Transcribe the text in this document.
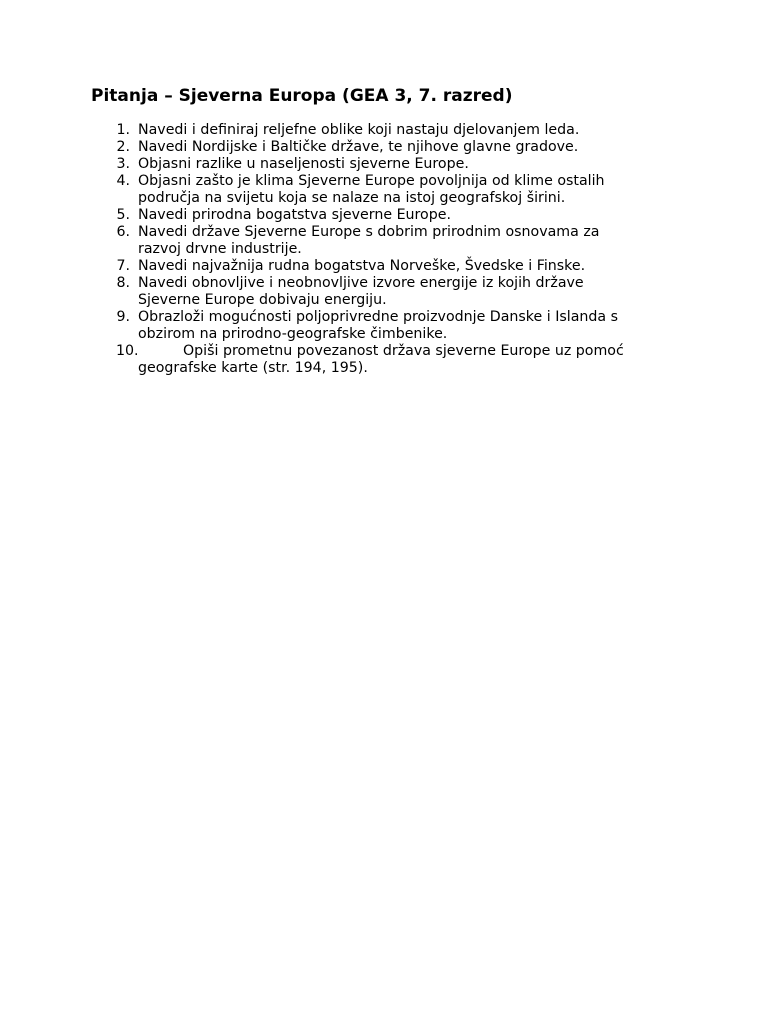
Pitanja – Sjeverna Europa (GEA 3, 7. razred)
1. Navedi i definiraj reljefne oblike koji nastaju djelovanjem leda.
2. Navedi Nordijske i Baltičke države, te njihove glavne gradove.
3. Objasni razlike u naseljenosti sjeverne Europe.
4. Objasni zašto je klima Sjeverne Europe povoljnija od klime ostalih
područja na svijetu koja se nalaze na istoj geografskoj širini.
5. Navedi prirodna bogatstva sjeverne Europe.
6. Navedi države Sjeverne Europe s dobrim prirodnim osnovama za
razvoj drvne industrije.
7. Navedi najvažnija rudna bogatstva Norveške, Švedske i Finske.
8. Navedi obnovljive i neobnovljive izvore energije iz kojih države
Sjeverne Europe dobivaju energiju.
9. Obrazloži mogućnosti poljoprivredne proizvodnje Danske i Islanda s
obzirom na prirodno-geografske čimbenike.
10.	Opiši prometnu povezanost država sjeverne Europe uz pomoć
geografske karte (str. 194, 195).
